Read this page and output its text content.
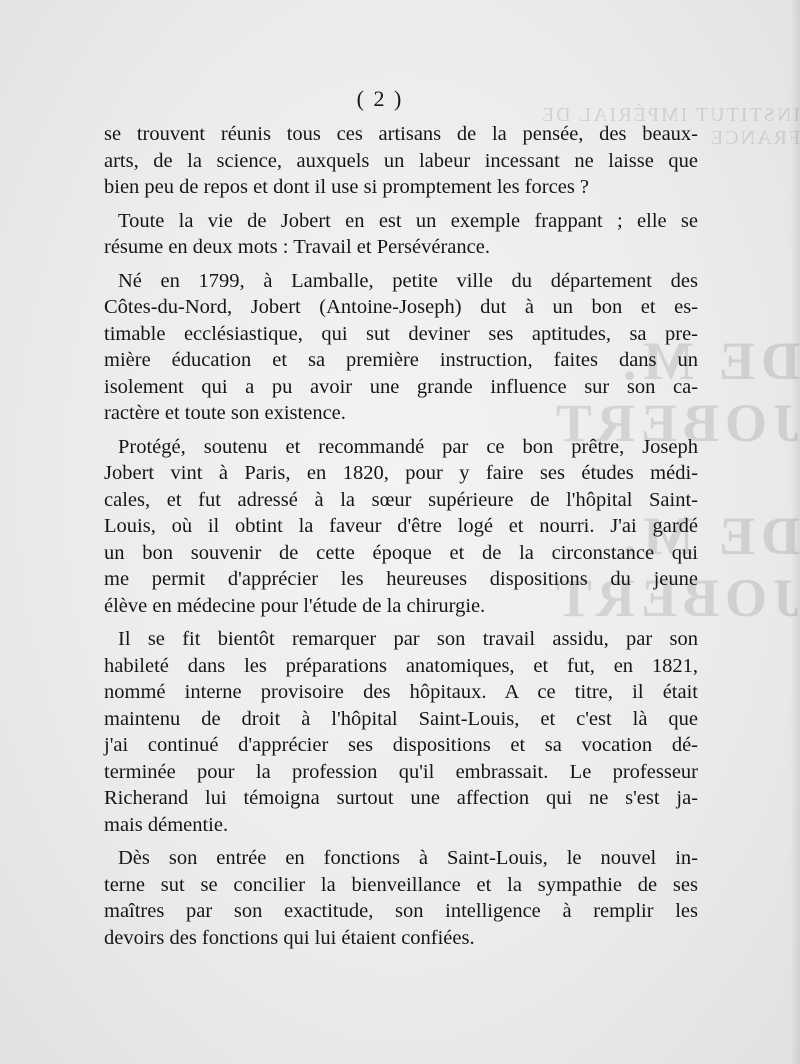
INSTITUT IMPÉRIAL DE FRANCE
DE M. JOBERT
DE M. JOBERT
( 2 )
se trouvent réunis tous ces artisans de la pensée, des beaux-
arts, de la science, auxquels un labeur incessant ne laisse que
bien peu de repos et dont il use si promptement les forces ?
Toute la vie de Jobert en est un exemple frappant ; elle se
résume en deux mots : Travail et Persévérance.
Né en 1799, à Lamballe, petite ville du département des
Côtes-du-Nord, Jobert (Antoine-Joseph) dut à un bon et es-
timable ecclésiastique, qui sut deviner ses aptitudes, sa pre-
mière éducation et sa première instruction, faites dans un
isolement qui a pu avoir une grande influence sur son ca-
ractère et toute son existence.
Protégé, soutenu et recommandé par ce bon prêtre, Joseph
Jobert vint à Paris, en 1820, pour y faire ses études médi-
cales, et fut adressé à la sœur supérieure de l'hôpital Saint-
Louis, où il obtint la faveur d'être logé et nourri. J'ai gardé
un bon souvenir de cette époque et de la circonstance qui
me permit d'apprécier les heureuses dispositions du jeune
élève en médecine pour l'étude de la chirurgie.
Il se fit bientôt remarquer par son travail assidu, par son
habileté dans les préparations anatomiques, et fut, en 1821,
nommé interne provisoire des hôpitaux. A ce titre, il était
maintenu de droit à l'hôpital Saint-Louis, et c'est là que
j'ai continué d'apprécier ses dispositions et sa vocation dé-
terminée pour la profession qu'il embrassait. Le professeur
Richerand lui témoigna surtout une affection qui ne s'est ja-
mais démentie.
Dès son entrée en fonctions à Saint-Louis, le nouvel in-
terne sut se concilier la bienveillance et la sympathie de ses
maîtres par son exactitude, son intelligence à remplir les
devoirs des fonctions qui lui étaient confiées.
